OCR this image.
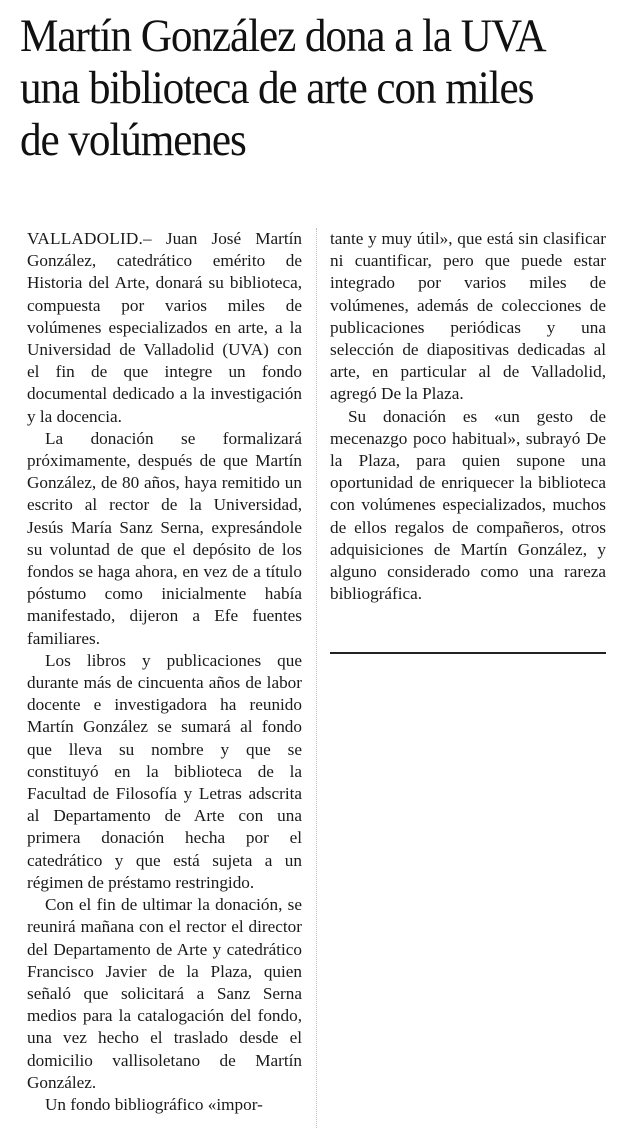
Martín González dona a la UVA una biblioteca de arte con miles de volúmenes

VALLADOLID.– Juan José Martín González, catedrático emérito de Historia del Arte, donará su biblioteca, compuesta por varios miles de volúmenes especializados en arte, a la Universidad de Valladolid (UVA) con el fin de que integre un fondo documental dedicado a la investigación y la docencia.

La donación se formalizará próximamente, después de que Martín González, de 80 años, haya remitido un escrito al rector de la Universidad, Jesús María Sanz Serna, expresándole su voluntad de que el depósito de los fondos se haga ahora, en vez de a título póstumo como inicialmente había manifestado, dijeron a Efe fuentes familiares.

Los libros y publicaciones que durante más de cincuenta años de labor docente e investigadora ha reunido Martín González se sumará al fondo que lleva su nombre y que se constituyó en la biblioteca de la Facultad de Filosofía y Letras adscrita al Departamento de Arte con una primera donación hecha por el catedrático y que está sujeta a un régimen de préstamo restringido.

Con el fin de ultimar la donación, se reunirá mañana con el rector el director del Departamento de Arte y catedrático Francisco Javier de la Plaza, quien señaló que solicitará a Sanz Serna medios para la catalogación del fondo, una vez hecho el traslado desde el domicilio vallisoletano de Martín González.

Un fondo bibliográfico «impor-

tante y muy útil», que está sin clasificar ni cuantificar, pero que puede estar integrado por varios miles de volúmenes, además de colecciones de publicaciones periódicas y una selección de diapositivas dedicadas al arte, en particular al de Valladolid, agregó De la Plaza.

Su donación es «un gesto de mecenazgo poco habitual», subrayó De la Plaza, para quien supone una oportunidad de enriquecer la biblioteca con volúmenes especializados, muchos de ellos regalos de compañeros, otros adquisiciones de Martín González, y alguno considerado como una rareza bibliográfica.
